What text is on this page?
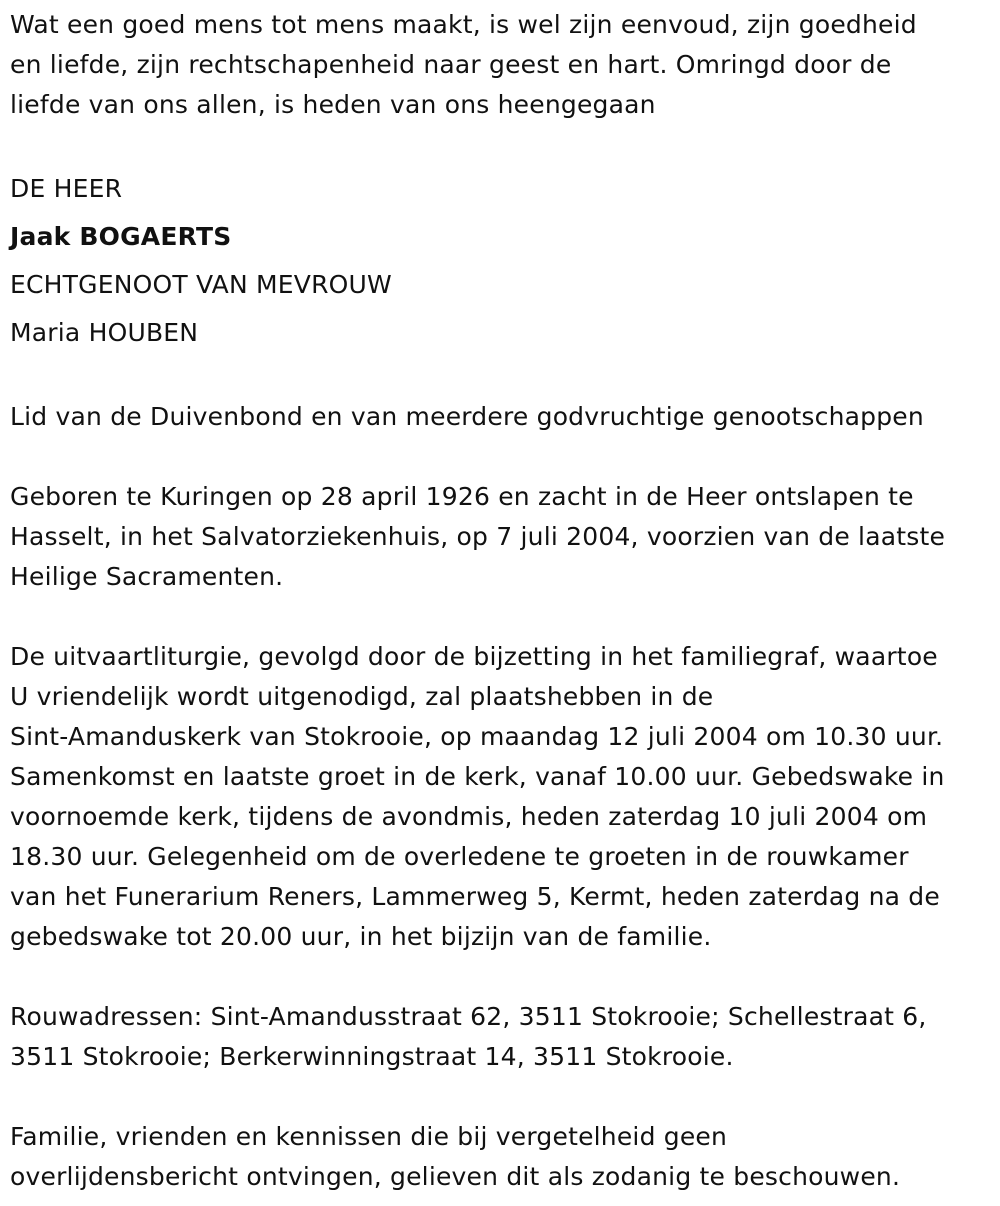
Wat een goed mens tot mens maakt, is wel zijn eenvoud, zijn goedheid
en liefde, zijn rechtschapenheid naar geest en hart. Omringd door de
liefde van ons allen, is heden van ons heengegaan
DE HEER
Jaak BOGAERTS
ECHTGENOOT VAN MEVROUW
Maria HOUBEN
Lid van de Duivenbond en van meerdere godvruchtige genootschappen
Geboren te Kuringen op 28 april 1926 en zacht in de Heer ontslapen te
Hasselt, in het Salvatorziekenhuis, op 7 juli 2004, voorzien van de laatste
Heilige Sacramenten.
De uitvaartliturgie, gevolgd door de bijzetting in het familiegraf, waartoe
U vriendelijk wordt uitgenodigd, zal plaatshebben in de
Sint-Amanduskerk van Stokrooie, op maandag 12 juli 2004 om 10.30 uur.
Samenkomst en laatste groet in de kerk, vanaf 10.00 uur. Gebedswake in
voornoemde kerk, tijdens de avondmis, heden zaterdag 10 juli 2004 om
18.30 uur. Gelegenheid om de overledene te groeten in de rouwkamer
van het Funerarium Reners, Lammerweg 5, Kermt, heden zaterdag na de
gebedswake tot 20.00 uur, in het bijzijn van de familie.
Rouwadressen: Sint-Amandusstraat 62, 3511 Stokrooie; Schellestraat 6,
3511 Stokrooie; Berkerwinningstraat 14, 3511 Stokrooie.
Familie, vrienden en kennissen die bij vergetelheid geen
overlijdensbericht ontvingen, gelieven dit als zodanig te beschouwen.
